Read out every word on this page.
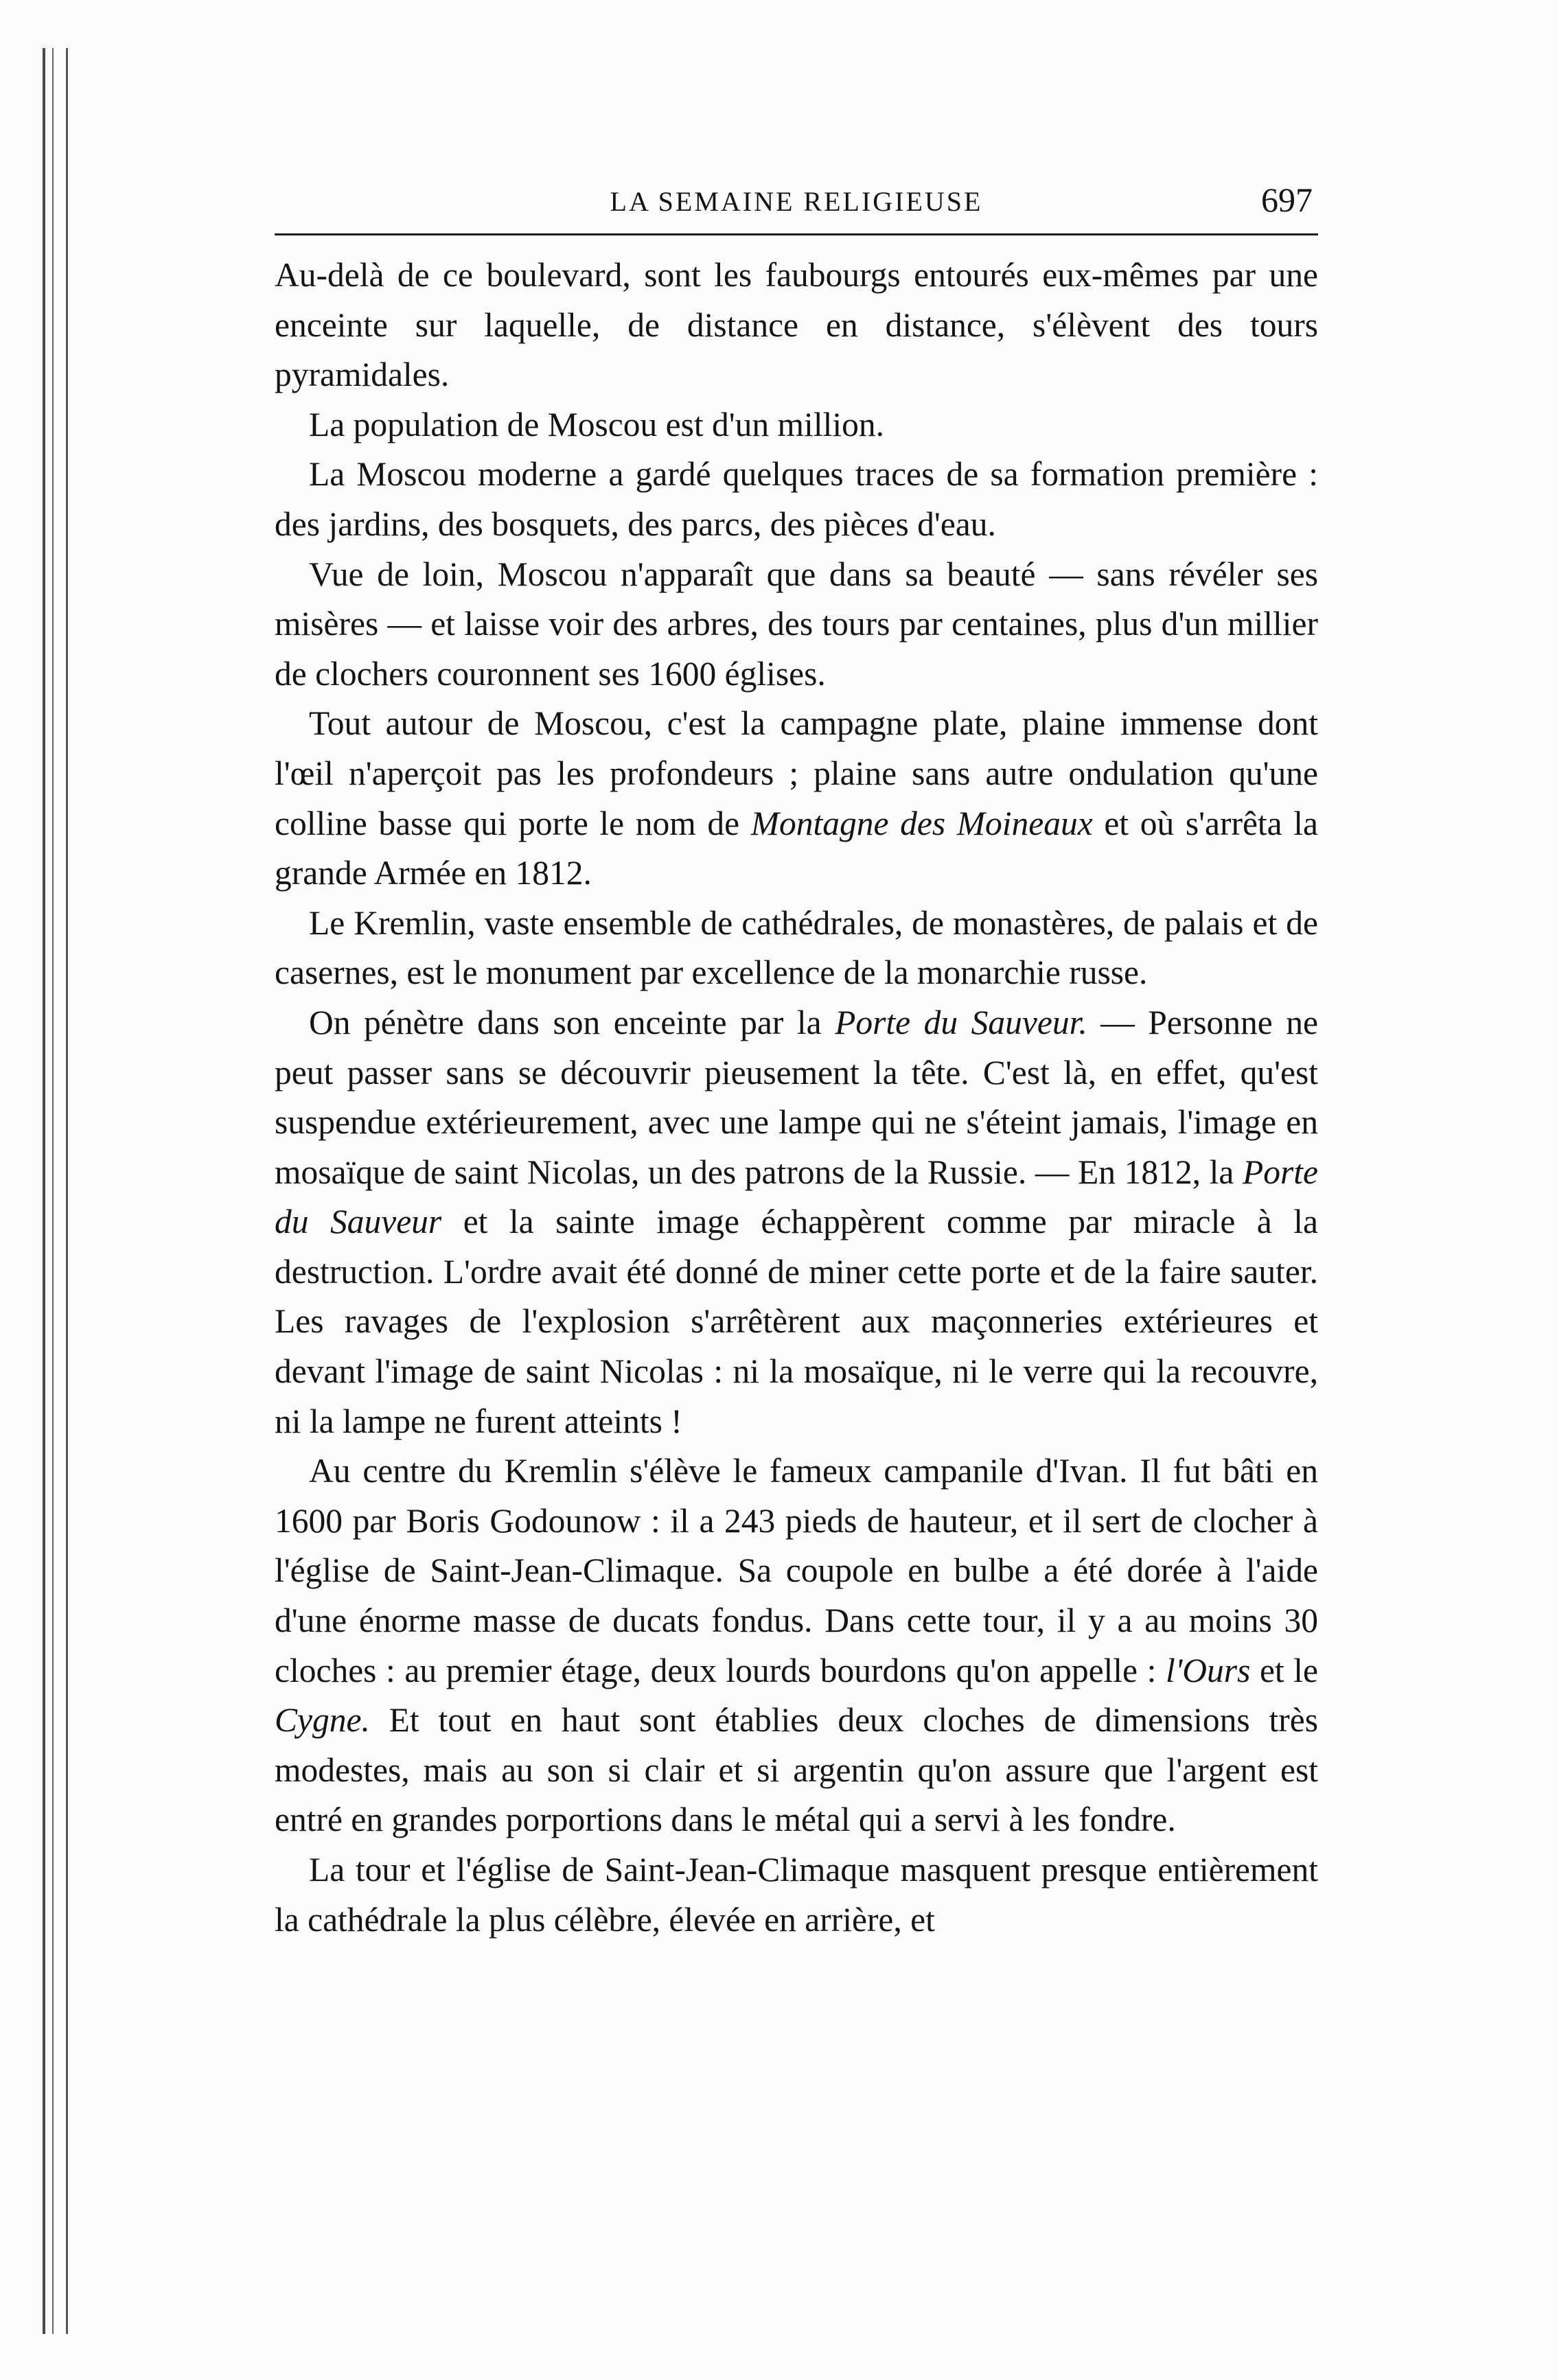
LA SEMAINE RELIGIEUSE	697

Au-delà de ce boulevard, sont les faubourgs entourés eux-mêmes par une enceinte sur laquelle, de distance en distance, s'élèvent des tours pyramidales.

La population de Moscou est d'un million.

La Moscou moderne a gardé quelques traces de sa formation première : des jardins, des bosquets, des parcs, des pièces d'eau.

Vue de loin, Moscou n'apparaît que dans sa beauté — sans révéler ses misères — et laisse voir des arbres, des tours par centaines, plus d'un millier de clochers couronnent ses 1600 églises.

Tout autour de Moscou, c'est la campagne plate, plaine immense dont l'œil n'aperçoit pas les profondeurs ; plaine sans autre ondulation qu'une colline basse qui porte le nom de Montagne des Moineaux et où s'arrêta la grande Armée en 1812.

Le Kremlin, vaste ensemble de cathédrales, de monastères, de palais et de casernes, est le monument par excellence de la monarchie russe.

On pénètre dans son enceinte par la Porte du Sauveur. — Personne ne peut passer sans se découvrir pieusement la tête. C'est là, en effet, qu'est suspendue extérieurement, avec une lampe qui ne s'éteint jamais, l'image en mosaïque de saint Nicolas, un des patrons de la Russie. — En 1812, la Porte du Sauveur et la sainte image échappèrent comme par miracle à la destruction. L'ordre avait été donné de miner cette porte et de la faire sauter. Les ravages de l'explosion s'arrêtèrent aux maçonneries extérieures et devant l'image de saint Nicolas : ni la mosaïque, ni le verre qui la recouvre, ni la lampe ne furent atteints !

Au centre du Kremlin s'élève le fameux campanile d'Ivan. Il fut bâti en 1600 par Boris Godounow : il a 243 pieds de hauteur, et il sert de clocher à l'église de Saint-Jean-Climaque. Sa coupole en bulbe a été dorée à l'aide d'une énorme masse de ducats fondus. Dans cette tour, il y a au moins 30 cloches : au premier étage, deux lourds bourdons qu'on appelle : l'Ours et le Cygne. Et tout en haut sont établies deux cloches de dimensions très modestes, mais au son si clair et si argentin qu'on assure que l'argent est entré en grandes porportions dans le métal qui a servi à les fondre.

La tour et l'église de Saint-Jean-Climaque masquent presque entièrement la cathédrale la plus célèbre, élevée en arrière, et
